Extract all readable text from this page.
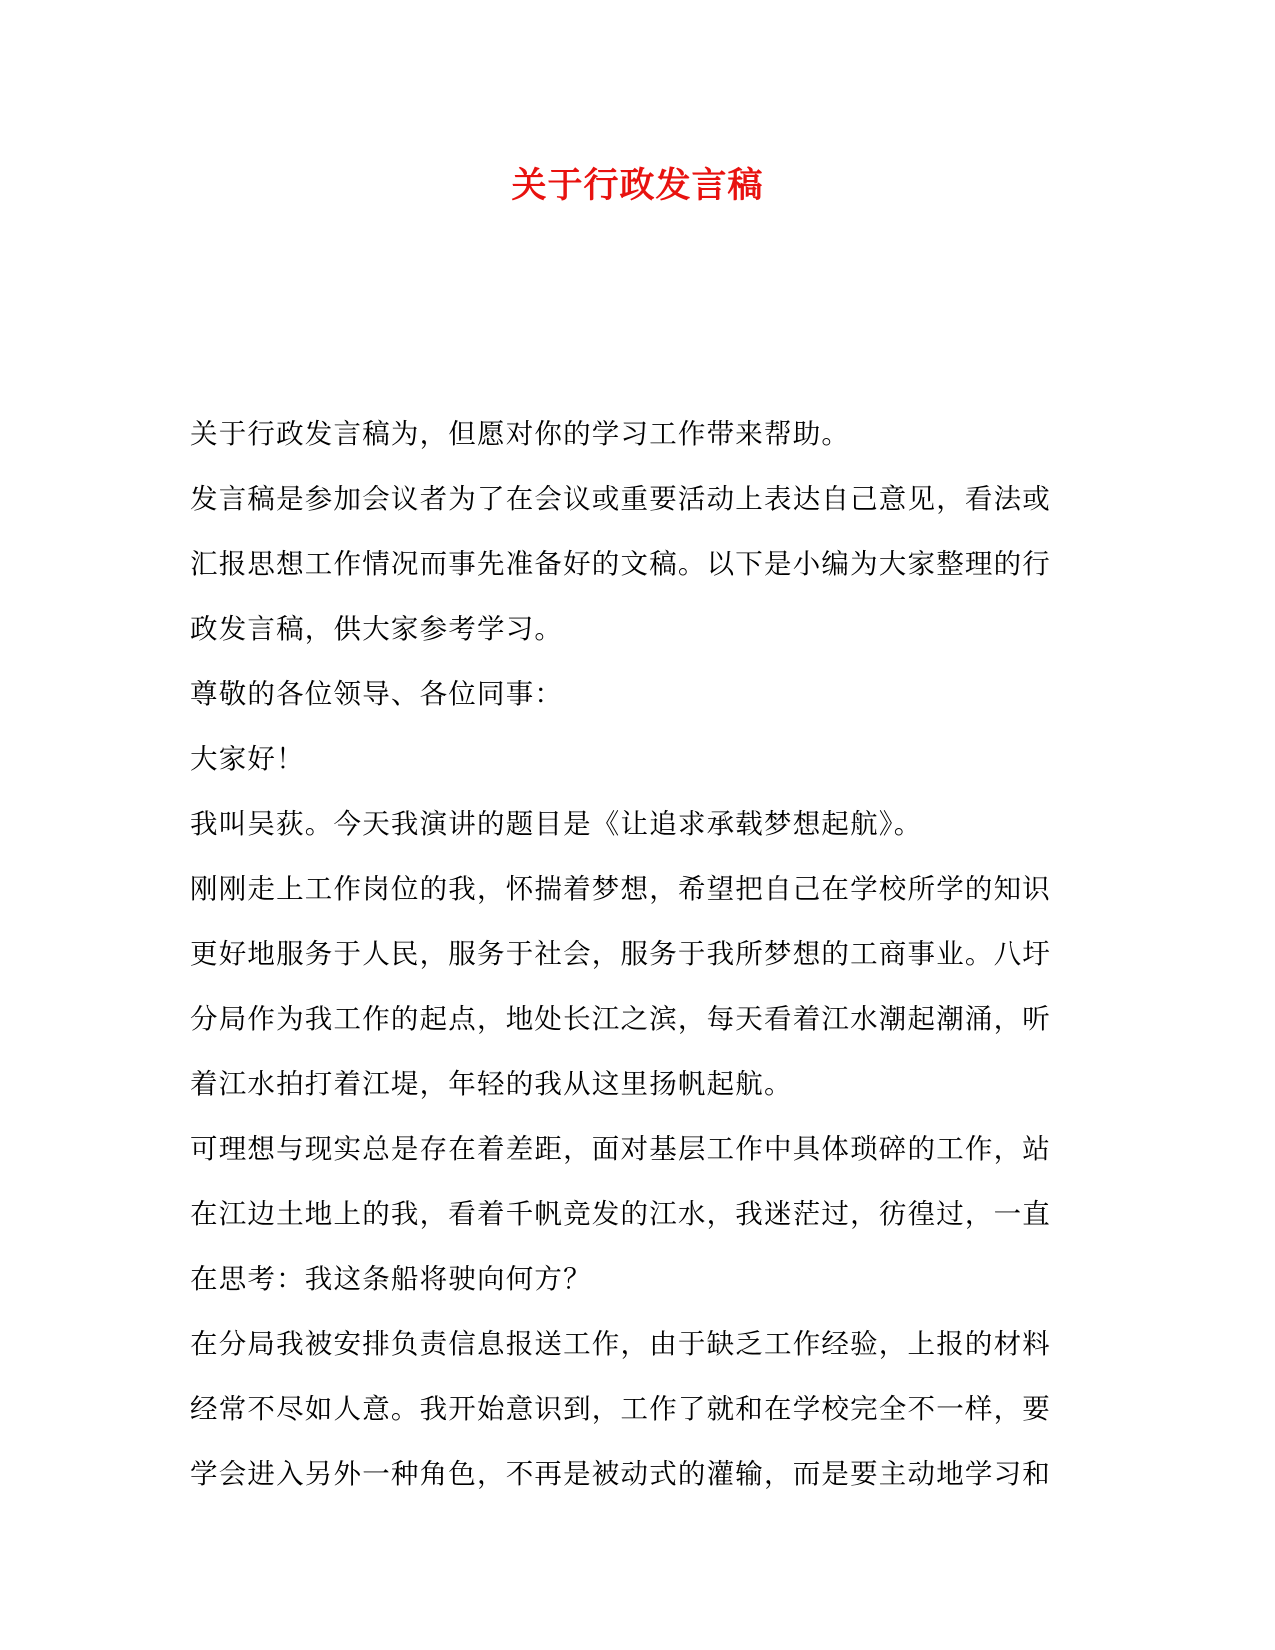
关于行政发言稿
关于行政发言稿为，但愿对你的学习工作带来帮助。
发言稿是参加会议者为了在会议或重要活动上表达自己意见，看法或
汇报思想工作情况而事先准备好的文稿。以下是小编为大家整理的行
政发言稿，供大家参考学习。
尊敬的各位领导、各位同事：
大家好！
我叫吴荻。今天我演讲的题目是《让追求承载梦想起航》。
刚刚走上工作岗位的我，怀揣着梦想，希望把自己在学校所学的知识
更好地服务于人民，服务于社会，服务于我所梦想的工商事业。八圩
分局作为我工作的起点，地处长江之滨，每天看着江水潮起潮涌，听
着江水拍打着江堤，年轻的我从这里扬帆起航。
可理想与现实总是存在着差距，面对基层工作中具体琐碎的工作，站
在江边土地上的我，看着千帆竞发的江水，我迷茫过，彷徨过，一直
在思考：我这条船将驶向何方？
在分局我被安排负责信息报送工作，由于缺乏工作经验，上报的材料
经常不尽如人意。我开始意识到，工作了就和在学校完全不一样，要
学会进入另外一种角色，不再是被动式的灌输，而是要主动地学习和
